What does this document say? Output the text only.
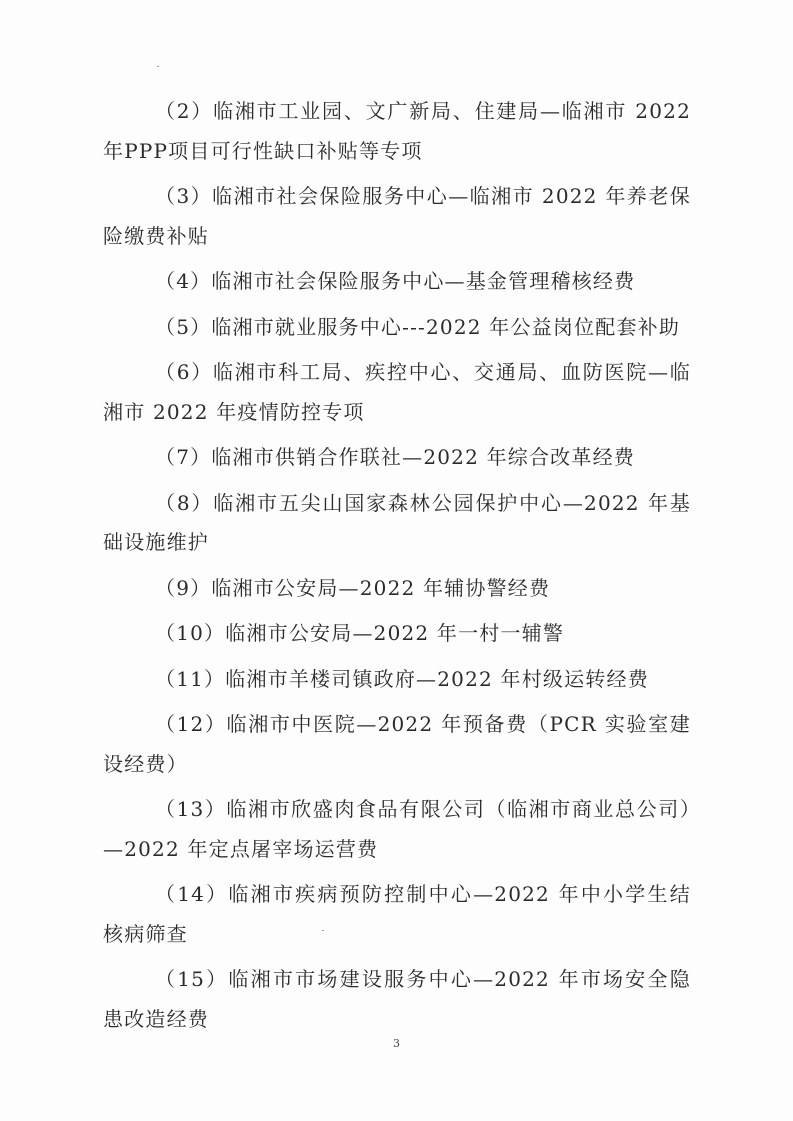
（2）临湘市工业园、文广新局、住建局—临湘市 2022 年PPP项目可行性缺口补贴等专项

（3）临湘市社会保险服务中心—临湘市 2022 年养老保险缴费补贴

（4）临湘市社会保险服务中心—基金管理稽核经费

（5）临湘市就业服务中心---2022 年公益岗位配套补助

（6）临湘市科工局、疾控中心、交通局、血防医院—临湘市 2022 年疫情防控专项

（7）临湘市供销合作联社—2022 年综合改革经费

（8）临湘市五尖山国家森林公园保护中心—2022 年基础设施维护

（9）临湘市公安局—2022 年辅协警经费

（10）临湘市公安局—2022 年一村一辅警

（11）临湘市羊楼司镇政府—2022 年村级运转经费

（12）临湘市中医院—2022 年预备费（PCR 实验室建设经费）

（13）临湘市欣盛肉食品有限公司（临湘市商业总公司）—2022 年定点屠宰场运营费

（14）临湘市疾病预防控制中心—2022 年中小学生结核病筛查

（15）临湘市市场建设服务中心—2022 年市场安全隐患改造经费

3
